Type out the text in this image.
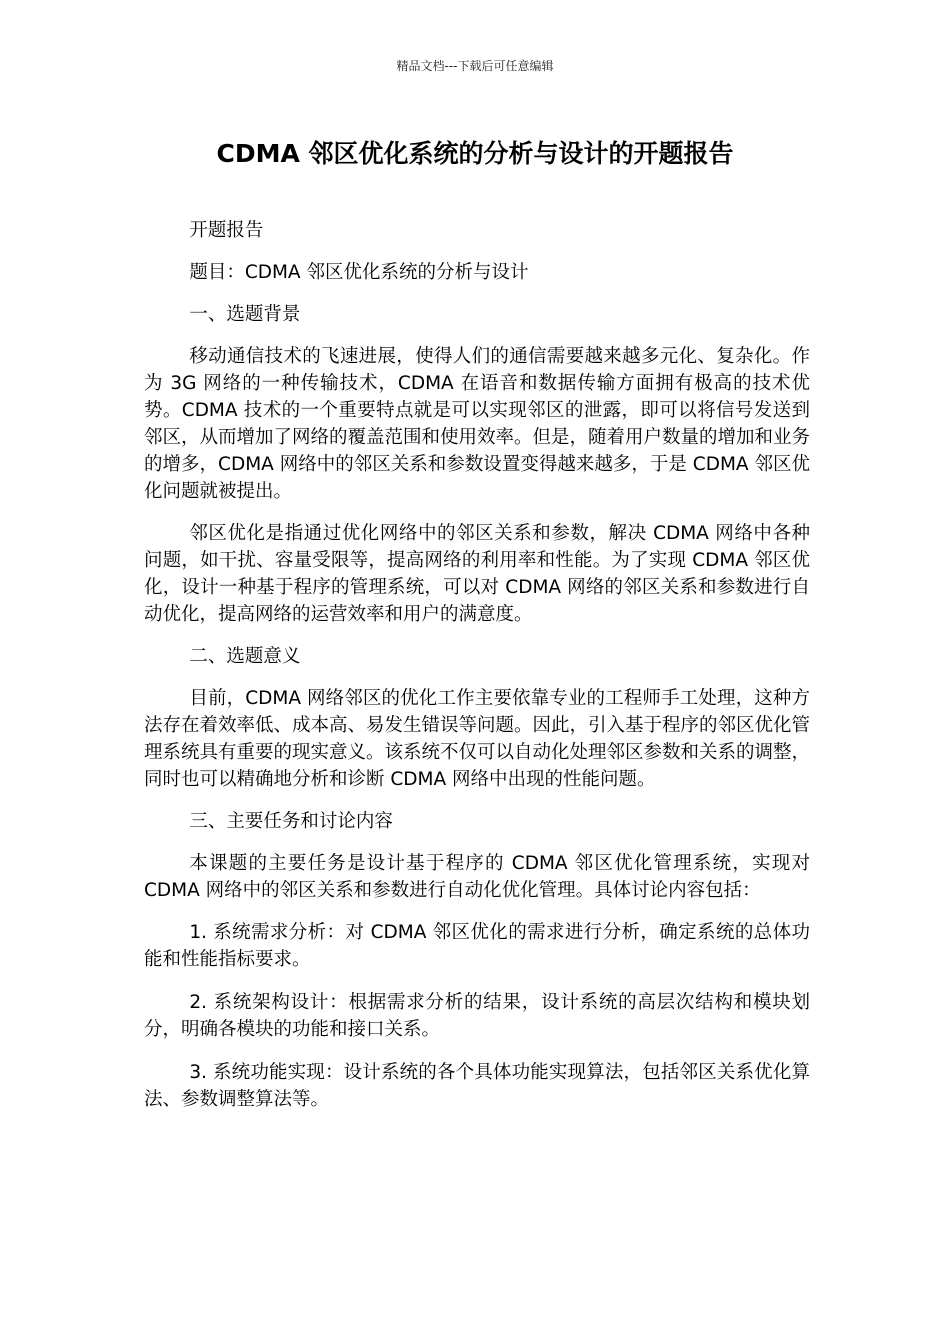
精品文档---下载后可任意编辑
CDMA 邻区优化系统的分析与设计的开题报告

开题报告

题目：CDMA 邻区优化系统的分析与设计

一、选题背景

移动通信技术的飞速进展，使得人们的通信需要越来越多元化、复杂化。作为 3G 网络的一种传输技术，CDMA 在语音和数据传输方面拥有极高的技术优势。CDMA 技术的一个重要特点就是可以实现邻区的泄露，即可以将信号发送到邻区，从而增加了网络的覆盖范围和使用效率。但是，随着用户数量的增加和业务的增多，CDMA 网络中的邻区关系和参数设置变得越来越多，于是 CDMA 邻区优化问题就被提出。

邻区优化是指通过优化网络中的邻区关系和参数，解决 CDMA 网络中各种问题，如干扰、容量受限等，提高网络的利用率和性能。为了实现 CDMA 邻区优化，设计一种基于程序的管理系统，可以对 CDMA 网络的邻区关系和参数进行自动优化，提高网络的运营效率和用户的满意度。

二、选题意义

目前，CDMA 网络邻区的优化工作主要依靠专业的工程师手工处理，这种方法存在着效率低、成本高、易发生错误等问题。因此，引入基于程序的邻区优化管理系统具有重要的现实意义。该系统不仅可以自动化处理邻区参数和关系的调整，同时也可以精确地分析和诊断 CDMA 网络中出现的性能问题。

三、主要任务和讨论内容

本课题的主要任务是设计基于程序的 CDMA 邻区优化管理系统，实现对 CDMA 网络中的邻区关系和参数进行自动化优化管理。具体讨论内容包括：

1. 系统需求分析：对 CDMA 邻区优化的需求进行分析，确定系统的总体功能和性能指标要求。

2. 系统架构设计：根据需求分析的结果，设计系统的高层次结构和模块划分，明确各模块的功能和接口关系。

3. 系统功能实现：设计系统的各个具体功能实现算法，包括邻区关系优化算法、参数调整算法等。
